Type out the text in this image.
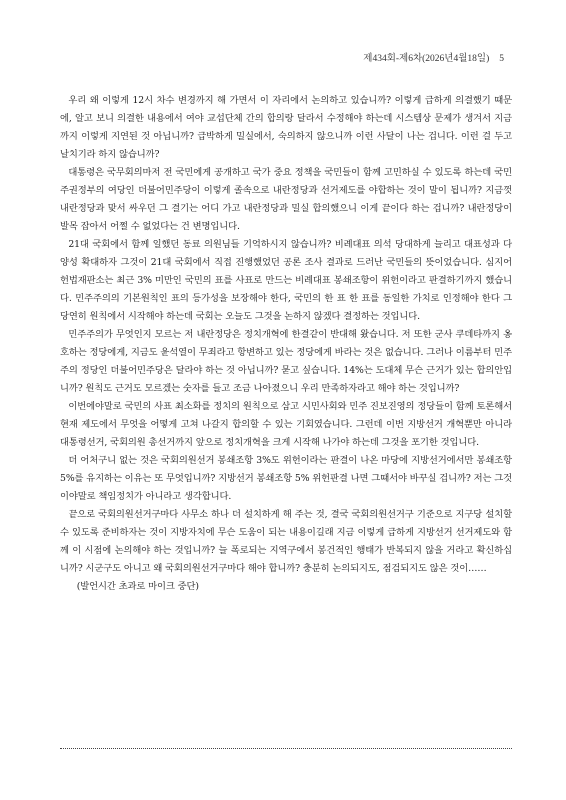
제434회-제6차(2026년4월18일) 5

우리 왜 이렇게 12시 차수 변경까지 해 가면서 이 자리에서 논의하고 있습니까? 이렇게 급하게 의결했기 때문에, 알고 보니 의결한 내용에서 여야 교섭단체 간의 합의랑 달라서 수정해야 하는데 시스템상 문제가 생겨서 지금까지 이렇게 지연된 것 아닙니까? 급박하게 밀실에서, 숙의하지 않으니까 이런 사달이 나는 겁니다. 이런 걸 두고 날치기라 하지 않습니까?

대통령은 국무회의마저 전 국민에게 공개하고 국가 중요 정책을 국민들이 함께 고민하실 수 있도록 하는데 국민주권정부의 여당인 더불어민주당이 이렇게 졸속으로 내란정당과 선거제도를 야합하는 것이 말이 됩니까? 지금껏 내란정당과 맞서 싸우던 그 결기는 어디 가고 내란정당과 밀실 합의했으니 이게 끝이다 하는 겁니까? 내란정당이 발목 잡아서 어쩔 수 없었다는 건 변명입니다.

21대 국회에서 함께 일했던 동료 의원님들 기억하시지 않습니까? 비례대표 의석 당대하게 늘리고 대표성과 다양성 확대하자 그것이 21대 국회에서 직접 진행했었던 공론 조사 결과로 드러난 국민들의 뜻이었습니다. 심지어 헌법재판소는 최근 3% 미만인 국민의 표를 사표로 만드는 비례대표 봉쇄조항이 위헌이라고 판결하기까지 했습니다. 민주주의의 기본원칙인 표의 등가성을 보장해야 한다, 국민의 한 표 한 표를 동일한 가치로 인정해야 한다 그 당연히 원칙에서 시작해야 하는데 국회는 오늘도 그것을 논하지 않겠다 결정하는 것입니다.

민주주의가 무엇인지 모르는 저 내란정당은 정치개혁에 한결같이 반대해 왔습니다. 저 또한 군사 쿠데타까지 옹호하는 정당에게, 지금도 윤석열이 무죄라고 항변하고 있는 정당에게 바라는 것은 없습니다. 그러나 이름부터 민주주의 정당인 더불어민주당은 달라야 하는 것 아닙니까? 묻고 싶습니다. 14%는 도대체 무슨 근거가 있는 합의안입니까? 원칙도 근거도 모르겠는 숫자를 들고 조금 나아졌으니 우리 만족하자라고 해야 하는 것입니까?

이번에야말로 국민의 사표 최소화를 정치의 원칙으로 삼고 시민사회와 민주 진보진영의 정당들이 함께 토론해서 현재 제도에서 무엇을 어떻게 고쳐 나갈지 합의할 수 있는 기회였습니다. 그런데 이번 지방선거 개혁뿐만 아니라 대통령선거, 국회의원 총선거까지 앞으로 정치개혁을 크게 시작해 나가야 하는데 그것을 포기한 것입니다.

더 어처구니 없는 것은 국회의원선거 봉쇄조항 3%도 위헌이라는 판결이 나온 마당에 지방선거에서만 봉쇄조항 5%를 유지하는 이유는 또 무엇입니까? 지방선거 봉쇄조항 5% 위헌판결 나면 그때서야 바꾸실 겁니까? 저는 그것이야말로 책임정치가 아니라고 생각합니다.

끝으로 국회의원선거구마다 사무소 하나 더 설치하게 해 주는 것, 결국 국회의원선거구 기준으로 지구당 설치할 수 있도록 준비하자는 것이 지방자치에 무슨 도움이 되는 내용이길래 지금 이렇게 급하게 지방선거 선거제도와 함께 이 시점에 논의해야 하는 것입니까? 늘 폭로되는 지역구에서 봉건적인 행태가 반복되지 않을 거라고 확신하십니까? 시군구도 아니고 왜 국회의원선거구마다 해야 합니까? 충분히 논의되지도, 점검되지도 않은 것이……

(발언시간 초과로 마이크 중단)
